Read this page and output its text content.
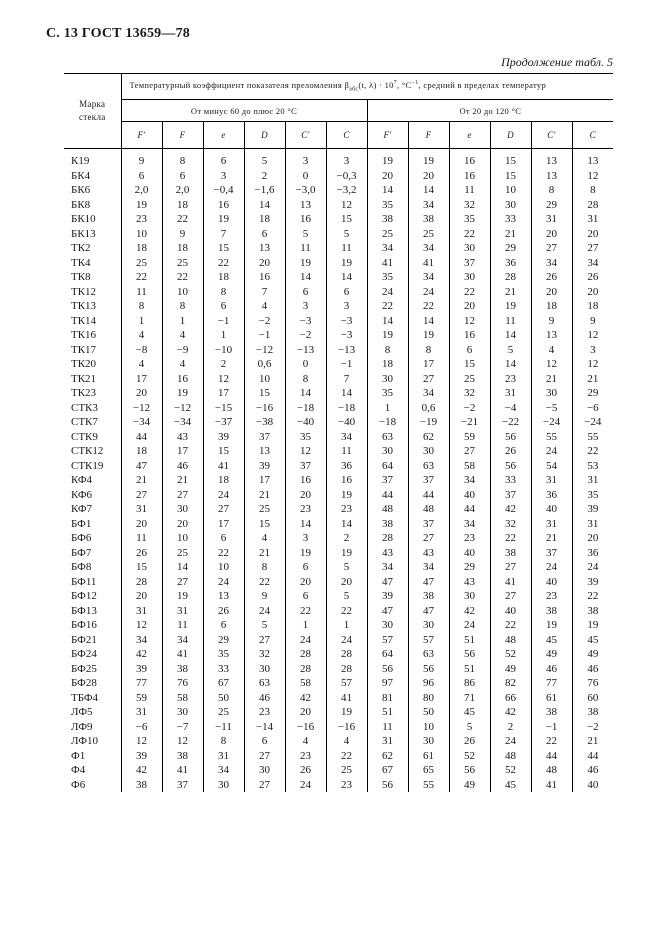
С. 13 ГОСТ 13659—78
Продолжение табл. 5
Марка
стекла	Температурный коэффициент показателя преломления $\beta_{абс}(t$, $\lambda) \cdot 10^7$, $^\circ C^{-1}$, средний в пределах температур											
	От минус 60 до плюс 20 °C						От 20 до 120 °C					
	F′	F	e	D	C′	C	F′	F	e	D	C′	C

К19	9	8	6	5	3	3	19	19	16	15	13	13
БК4	6	6	3	2	0	−0,3	20	20	16	15	13	12
БК6	2,0	2,0	−0,4	−1,6	−3,0	−3,2	14	14	11	10	8	8
БК8	19	18	16	14	13	12	35	34	32	30	29	28
БК10	23	22	19	18	16	15	38	38	35	33	31	31
БК13	10	9	7	6	5	5	25	25	22	21	20	20
ТК2	18	18	15	13	11	11	34	34	30	29	27	27
ТК4	25	25	22	20	19	19	41	41	37	36	34	34
ТК8	22	22	18	16	14	14	35	34	30	28	26	26
ТК12	11	10	8	7	6	6	24	24	22	21	20	20
ТК13	8	8	6	4	3	3	22	22	20	19	18	18
ТК14	1	1	−1	−2	−3	−3	14	14	12	11	9	9
ТК16	4	4	1	−1	−2	−3	19	19	16	14	13	12
ТК17	−8	−9	−10	−12	−13	−13	8	8	6	5	4	3
ТК20	4	4	2	0,6	0	−1	18	17	15	14	12	12
ТК21	17	16	12	10	8	7	30	27	25	23	21	21
ТК23	20	19	17	15	14	14	35	34	32	31	30	29
СТК3	−12	−12	−15	−16	−18	−18	1	0,6	−2	−4	−5	−6
СТК7	−34	−34	−37	−38	−40	−40	−18	−19	−21	−22	−24	−24
СТК9	44	43	39	37	35	34	63	62	59	56	55	55
СТК12	18	17	15	13	12	11	30	30	27	26	24	22
СТК19	47	46	41	39	37	36	64	63	58	56	54	53
КФ4	21	21	18	17	16	16	37	37	34	33	31	31
КФ6	27	27	24	21	20	19	44	44	40	37	36	35
КФ7	31	30	27	25	23	23	48	48	44	42	40	39
БФ1	20	20	17	15	14	14	38	37	34	32	31	31
БФ6	11	10	6	4	3	2	28	27	23	22	21	20
БФ7	26	25	22	21	19	19	43	43	40	38	37	36
БФ8	15	14	10	8	6	5	34	34	29	27	24	24
БФ11	28	27	24	22	20	20	47	47	43	41	40	39
БФ12	20	19	13	9	6	5	39	38	30	27	23	22
БФ13	31	31	26	24	22	22	47	47	42	40	38	38
БФ16	12	11	6	5	1	1	30	30	24	22	19	19
БФ21	34	34	29	27	24	24	57	57	51	48	45	45
БФ24	42	41	35	32	28	28	64	63	56	52	49	49
БФ25	39	38	33	30	28	28	56	56	51	49	46	46
БФ28	77	76	67	63	58	57	97	96	86	82	77	76
ТБФ4	59	58	50	46	42	41	81	80	71	66	61	60
ЛФ5	31	30	25	23	20	19	51	50	45	42	38	38
ЛФ9	−6	−7	−11	−14	−16	−16	11	10	5	2	−1	−2
ЛФ10	12	12	8	6	4	4	31	30	26	24	22	21
Ф1	39	38	31	27	23	22	62	61	52	48	44	44
Ф4	42	41	34	30	26	25	67	65	56	52	48	46
Ф6	38	37	30	27	24	23	56	55	49	45	41	40
